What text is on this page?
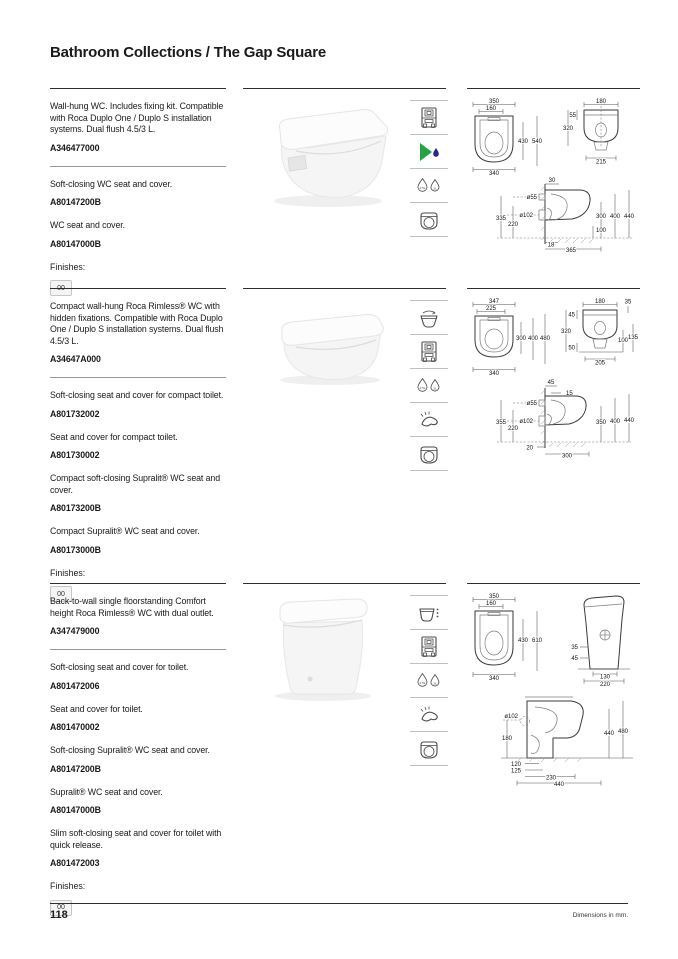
Bathroom Collections / The Gap Square

Wall-hung WC. Includes fixing kit. Compatible with Roca Duplo One / Duplo S installation systems. Dual flush 4.5/3 L.

A346477000

Soft-closing WC seat and cover.

A80147200B

WC seat and cover.

A80147000B

Finishes:

4.5L	3L
350
160
430 540
340
180
55
320
215
30
ø55
ø102
335
220
300 400 440
100
18
365

Compact wall-hung Roca Rimless® WC with hidden fixations. Compatible with Roca Duplo One / Duplo S installation systems. Dual flush 4.5/3 L.

A34647A000

Soft-closing seat and cover for compact toilet.

A801732002

Seat and cover for compact toilet.

A801730002

Compact soft-closing Supralit® WC seat and cover.

A80173200B

Compact Supralit® WC seat and cover.

A80173000B

Finishes:

00
4.5L	3L
347
225
300 400 480
340
180	35
45
320
100 135
50
205
45
15
ø55
ø102
355
220
350 400 440
20
300

Back-to-wall single floorstanding Comfort height Roca Rimless® WC with dual outlet.

A347479000

Soft-closing seat and cover for toilet.

A801472006

Seat and cover for toilet.

A801470002

Soft-closing Supralit® WC seat and cover.

A80147200B

Supralit® WC seat and cover.

A80147000B

Slim soft-closing seat and cover for toilet with quick release.

A801472003

Finishes:

00
4.5L	3L
350
160
430 610
340
35
45
130
220
ø102
180
440 480
120
125
230
440
118	Dimensions in mm.
